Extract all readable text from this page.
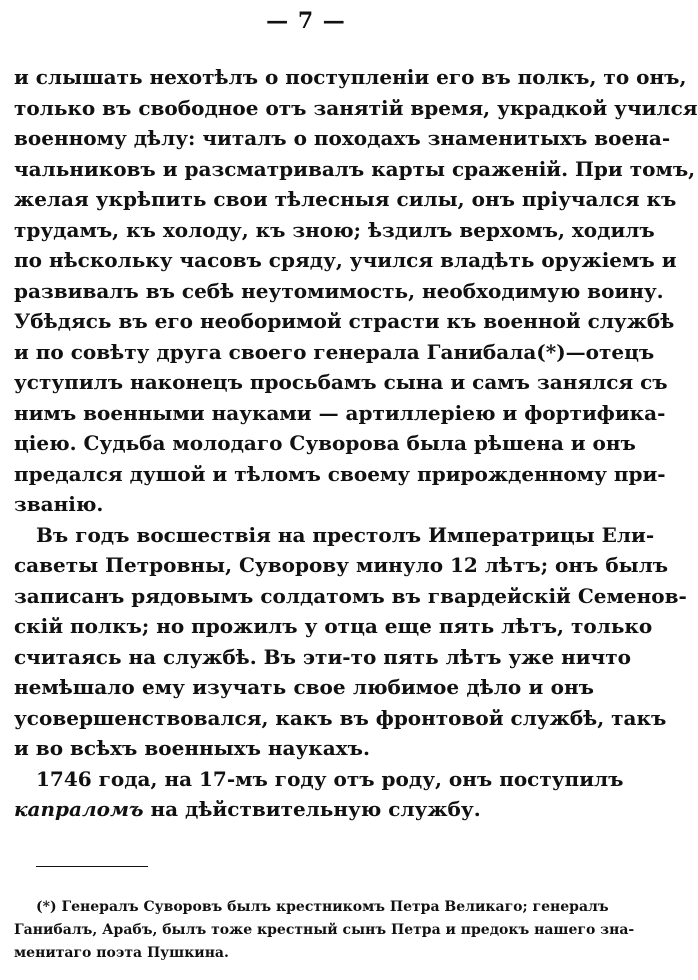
— 7 —
и слышать нехотѣлъ о поступленіи его въ полкъ, то онъ,
только въ свободное отъ занятій время, украдкой учился
военному дѣлу: читалъ о походахъ знаменитыхъ военa-
чальниковъ и разсматривалъ карты сраженій. При томъ,
желая укрѣпить свои тѣлесныя силы, онъ пріучался къ
трудамъ, къ холоду, къ зною; ѣздилъ верхомъ, ходилъ
по нѣскольку часовъ сряду, учился владѣть оружіемъ и
развивалъ въ себѣ неутомимость, необходимую воину.
Убѣдясь въ его необоримой страсти къ военной службѣ
и по совѣту друга своего генерала Ганибала(*)—отецъ
уступилъ наконецъ просьбамъ сына и самъ занялся съ
нимъ военными науками — артиллеріею и фортифика-
ціею. Судьба молодаго Суворова была рѣшена и онъ
предался душой и тѣломъ своему прирожденному при-
званію.
Въ годъ восшествія на престолъ Императрицы Ели-
саветы Петровны, Суворову минуло 12 лѣтъ; онъ былъ
записанъ рядовымъ солдатомъ въ гвардейскій Семенов-
скій полкъ; но прожилъ у отца еще пять лѣтъ, только
считаясь на службѣ. Въ эти-то пять лѣтъ уже ничто
немѣшало ему изучать свое любимое дѣло и онъ
усовершенствовался, какъ въ фронтовой службѣ, такъ
и во всѣхъ военныхъ наукахъ.
1746 года, на 17-мъ году отъ роду, онъ поступилъ
капраломъ на дѣйствительную службу.
(*) Генералъ Суворовъ былъ крестникомъ Петра Великаго; генералъ
Ганибалъ, Арабъ, былъ тоже крестный сынъ Петра и предокъ нашего зна-
менитаго поэта Пушкина.
